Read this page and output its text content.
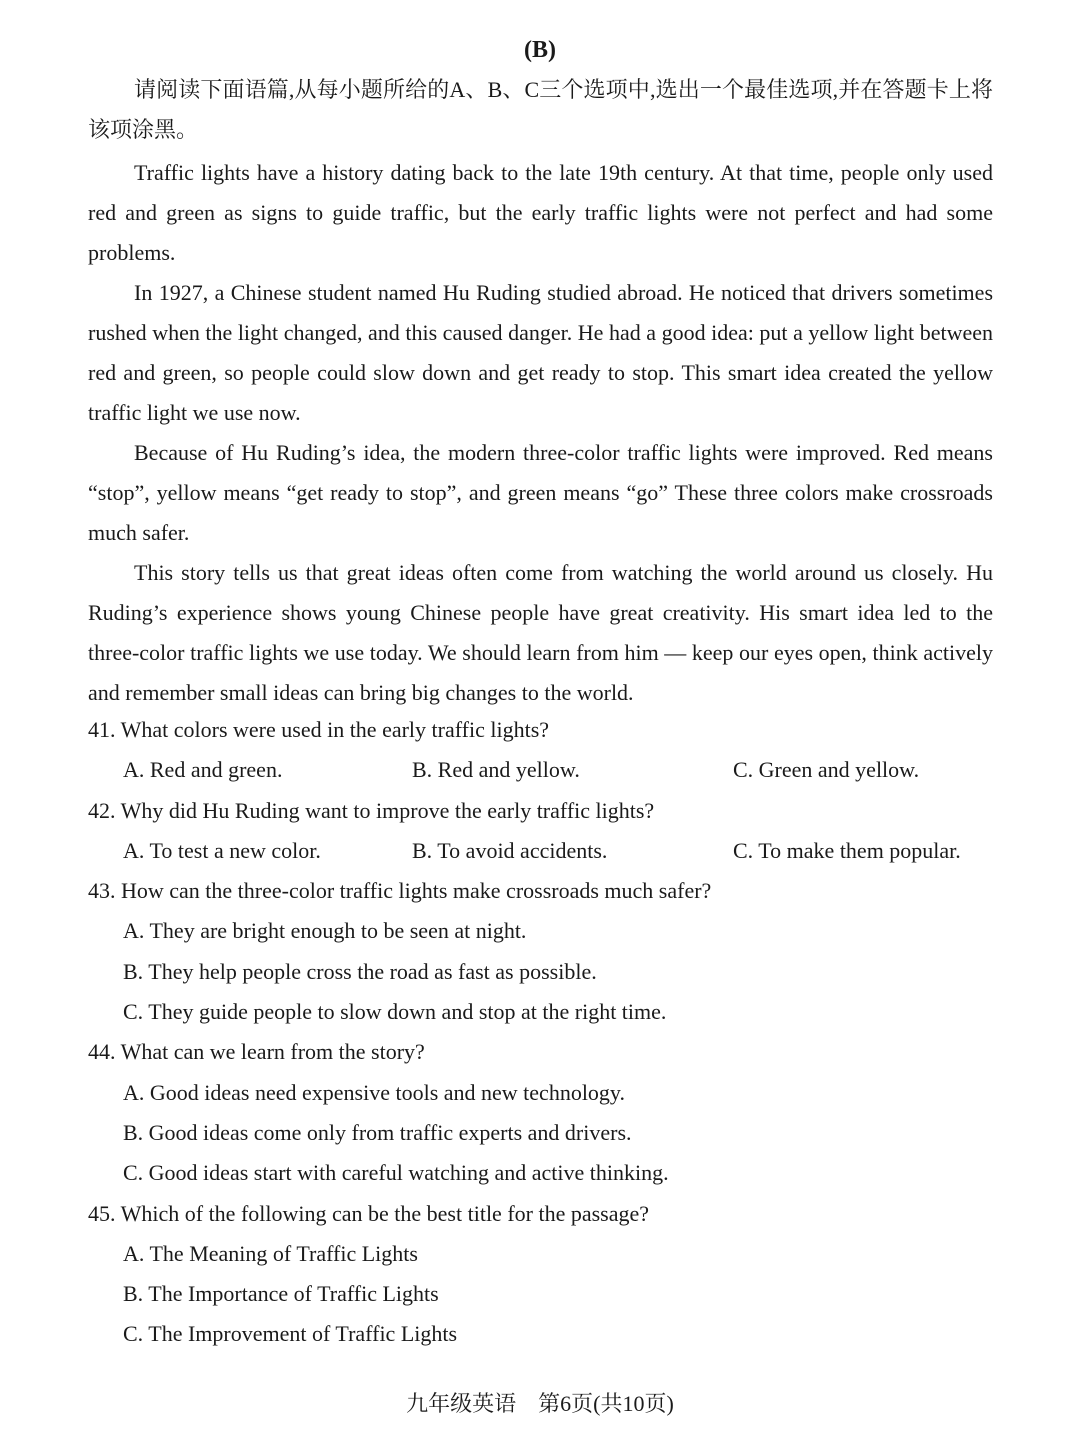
(B)

请阅读下面语篇,从每小题所给的A、B、C三个选项中,选出一个最佳选项,并在答题卡上将该项涂黑。

Traffic lights have a history dating back to the late 19th century. At that time, people only used red and green as signs to guide traffic, but the early traffic lights were not perfect and had some problems.

In 1927, a Chinese student named Hu Ruding studied abroad. He noticed that drivers sometimes rushed when the light changed, and this caused danger. He had a good idea: put a yellow light between red and green, so people could slow down and get ready to stop. This smart idea created the yellow traffic light we use now.

Because of Hu Ruding’s idea, the modern three-color traffic lights were improved. Red means “stop”, yellow means “get ready to stop”, and green means “go” These three colors make crossroads much safer.

This story tells us that great ideas often come from watching the world around us closely. Hu Ruding’s experience shows young Chinese people have great creativity. His smart idea led to the three-color traffic lights we use today. We should learn from him — keep our eyes open, think actively and remember small ideas can bring big changes to the world.

41. What colors were used in the early traffic lights?
A. Red and green.	B. Red and yellow.	C. Green and yellow.
42. Why did Hu Ruding want to improve the early traffic lights?
A. To test a new color.	B. To avoid accidents.	C. To make them popular.
43. How can the three-color traffic lights make crossroads much safer?
A. They are bright enough to be seen at night.
B. They help people cross the road as fast as possible.
C. They guide people to slow down and stop at the right time.
44. What can we learn from the story?
A. Good ideas need expensive tools and new technology.
B. Good ideas come only from traffic experts and drivers.
C. Good ideas start with careful watching and active thinking.
45. Which of the following can be the best title for the passage?
A. The Meaning of Traffic Lights
B. The Importance of Traffic Lights
C. The Improvement of Traffic Lights
九年级英语 第6页(共10页)
